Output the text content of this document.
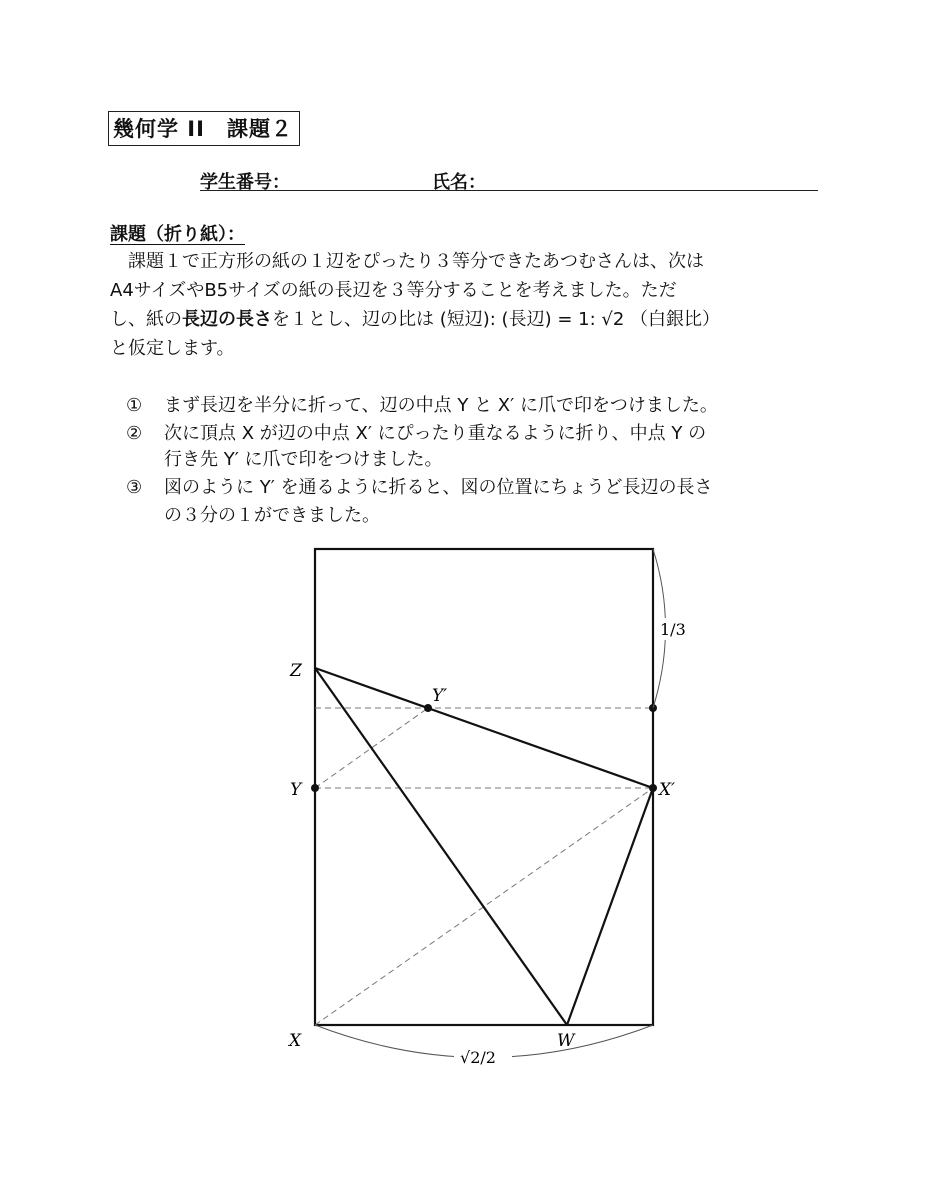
幾何学 II　課題２
学生番号：	氏名：
課題（折り紙）：
　課題１で正方形の紙の１辺をぴったり３等分できたあつむさんは、次は
A4サイズやB5サイズの紙の長辺を３等分することを考えました。ただ
し、紙の長辺の長さを１とし、辺の比は (短辺): (長辺) = 1: √2 （白銀比）
と仮定します。
① まず長辺を半分に折って、辺の中点 Y と X′ に爪で印をつけました。
② 次に頂点 X が辺の中点 X′ にぴったり重なるように折り、中点 Y の
行き先 Y′ に爪で印をつけました。
③ 図のように Y′ を通るように折ると、図の位置にちょうど長辺の長さ
の３分の１ができました。
Z
Y′
Y	X′
X	W
1/3
√2/2
